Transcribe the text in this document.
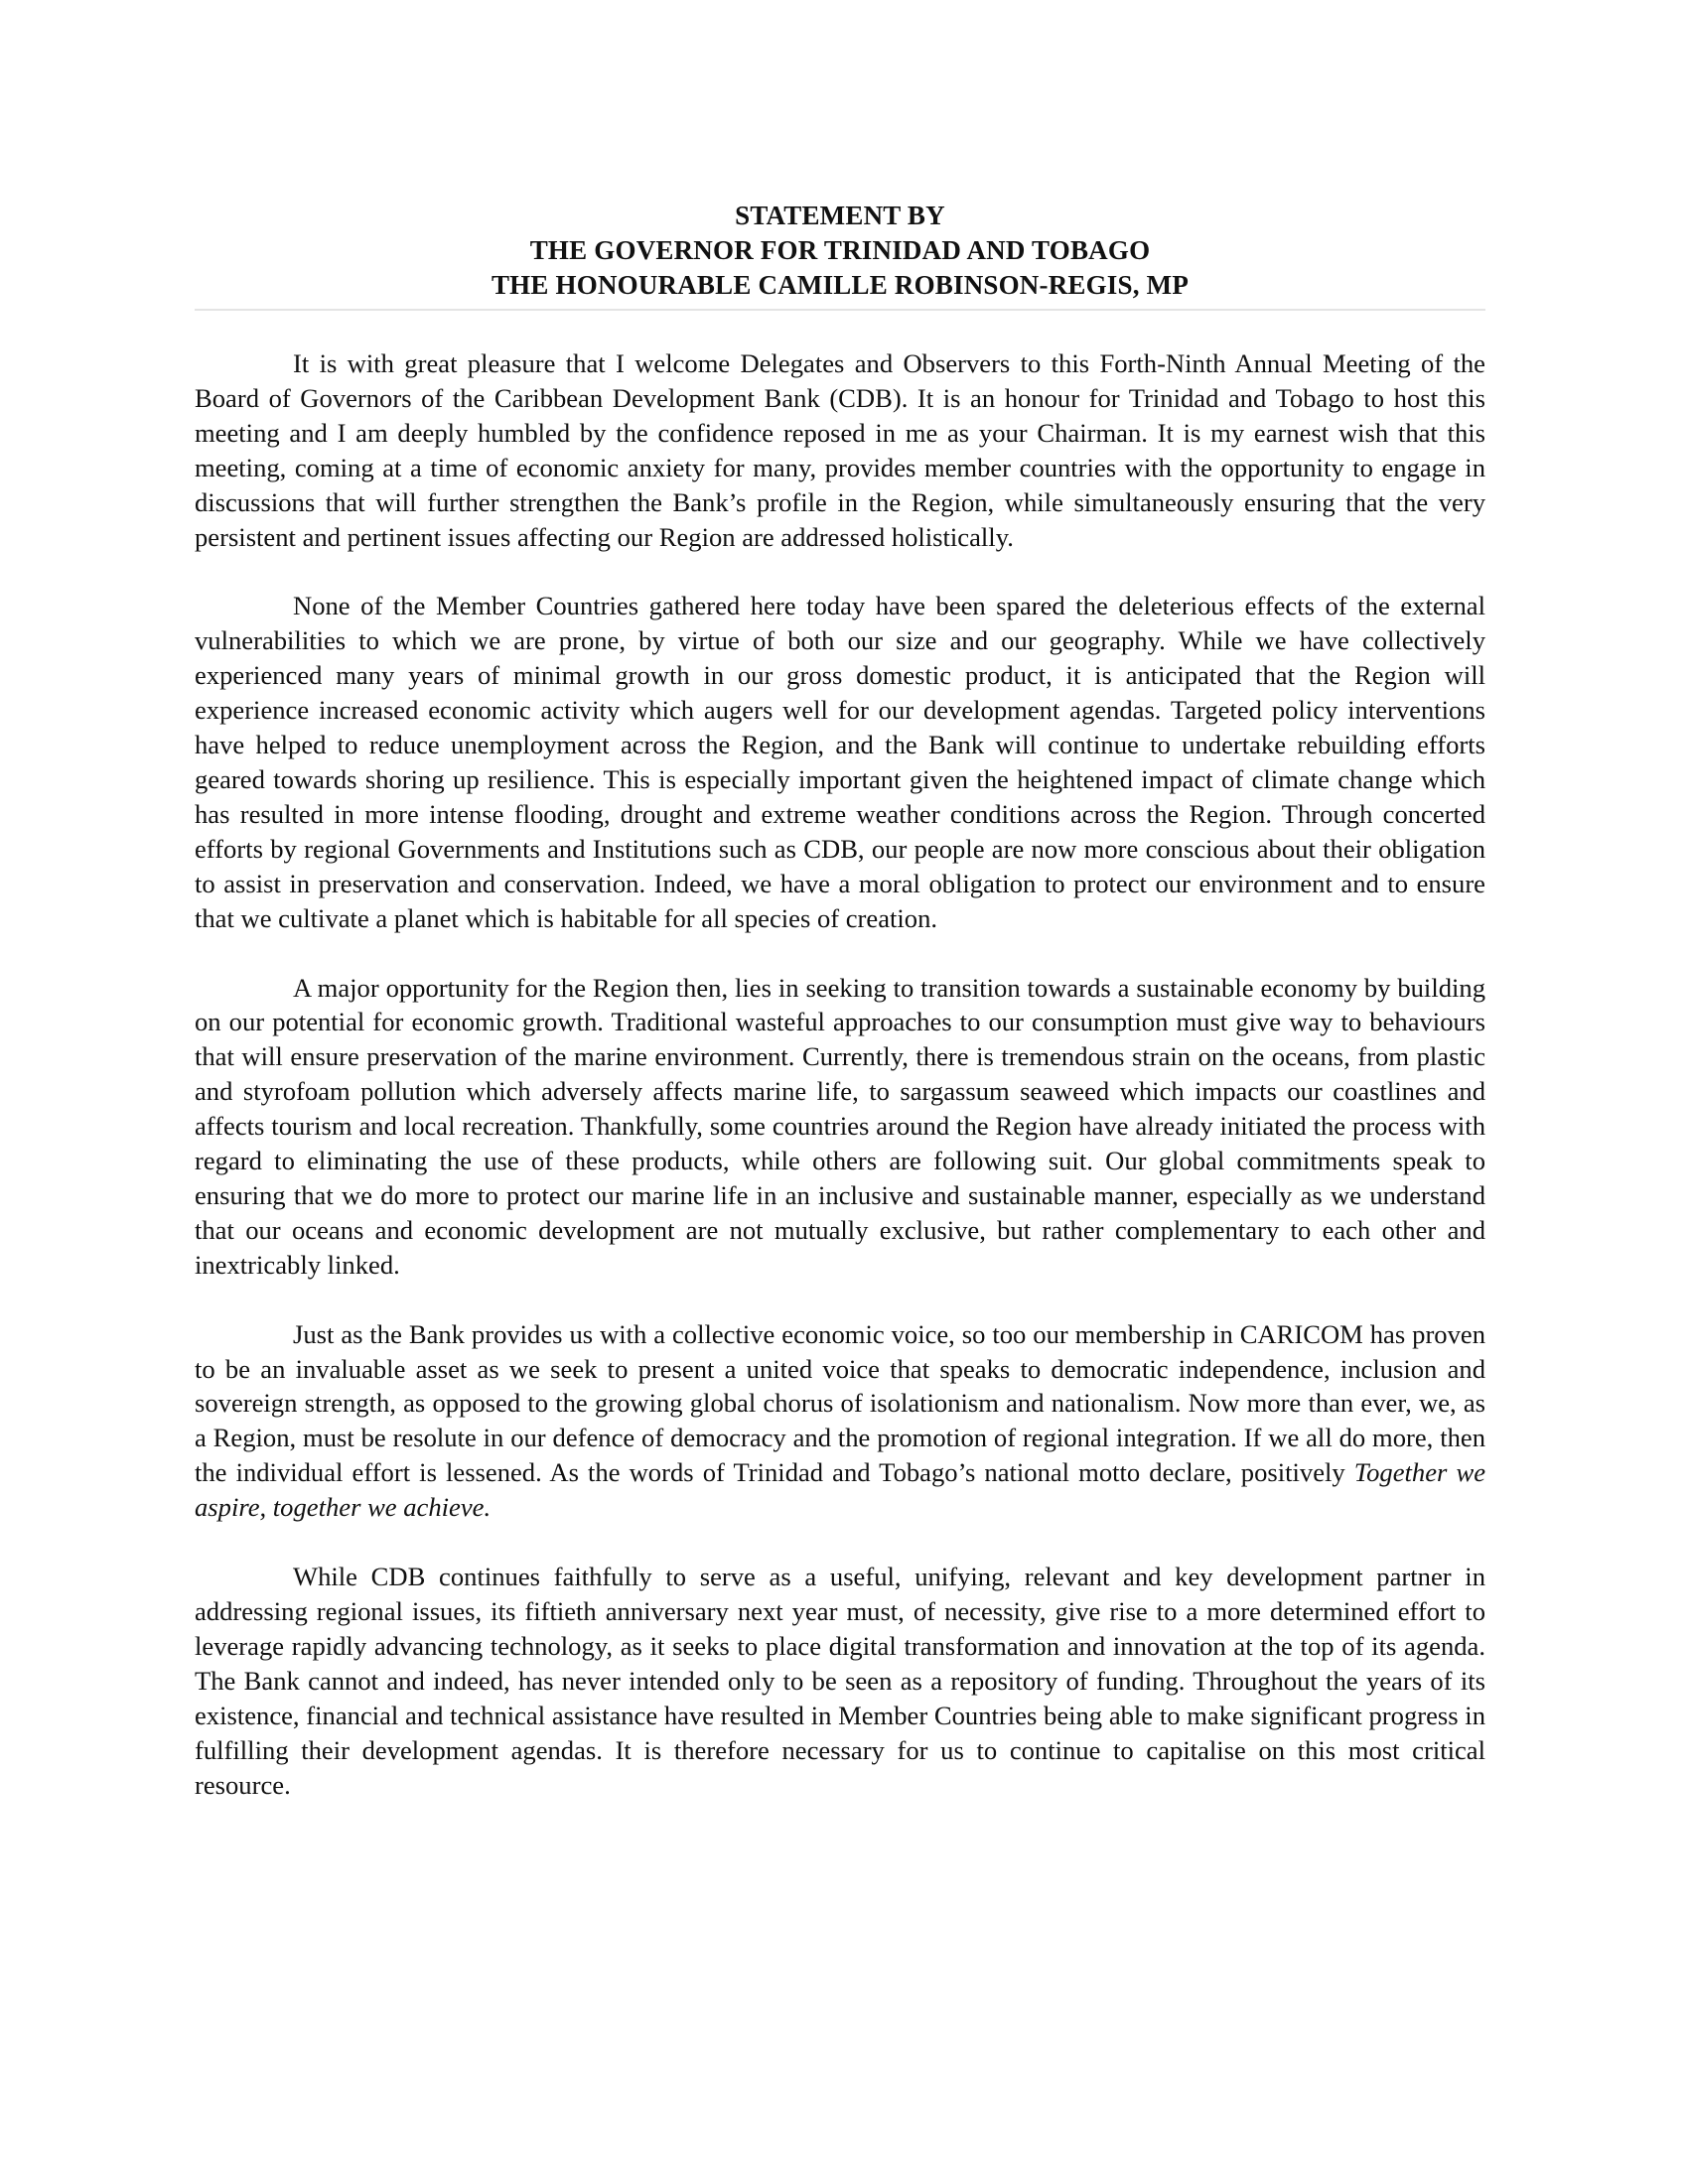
STATEMENT BY
THE GOVERNOR FOR TRINIDAD AND TOBAGO
THE HONOURABLE CAMILLE ROBINSON-REGIS, MP

It is with great pleasure that I welcome Delegates and Observers to this Forth-Ninth Annual Meeting of the Board of Governors of the Caribbean Development Bank (CDB). It is an honour for Trinidad and Tobago to host this meeting and I am deeply humbled by the confidence reposed in me as your Chairman. It is my earnest wish that this meeting, coming at a time of economic anxiety for many, provides member countries with the opportunity to engage in discussions that will further strengthen the Bank’s profile in the Region, while simultaneously ensuring that the very persistent and pertinent issues affecting our Region are addressed holistically.

None of the Member Countries gathered here today have been spared the deleterious effects of the external vulnerabilities to which we are prone, by virtue of both our size and our geography. While we have collectively experienced many years of minimal growth in our gross domestic product, it is anticipated that the Region will experience increased economic activity which augers well for our development agendas. Targeted policy interventions have helped to reduce unemployment across the Region, and the Bank will continue to undertake rebuilding efforts geared towards shoring up resilience. This is especially important given the heightened impact of climate change which has resulted in more intense flooding, drought and extreme weather conditions across the Region. Through concerted efforts by regional Governments and Institutions such as CDB, our people are now more conscious about their obligation to assist in preservation and conservation. Indeed, we have a moral obligation to protect our environment and to ensure that we cultivate a planet which is habitable for all species of creation.

A major opportunity for the Region then, lies in seeking to transition towards a sustainable economy by building on our potential for economic growth. Traditional wasteful approaches to our consumption must give way to behaviours that will ensure preservation of the marine environment. Currently, there is tremendous strain on the oceans, from plastic and styrofoam pollution which adversely affects marine life, to sargassum seaweed which impacts our coastlines and affects tourism and local recreation. Thankfully, some countries around the Region have already initiated the process with regard to eliminating the use of these products, while others are following suit. Our global commitments speak to ensuring that we do more to protect our marine life in an inclusive and sustainable manner, especially as we understand that our oceans and economic development are not mutually exclusive, but rather complementary to each other and inextricably linked.

Just as the Bank provides us with a collective economic voice, so too our membership in CARICOM has proven to be an invaluable asset as we seek to present a united voice that speaks to democratic independence, inclusion and sovereign strength, as opposed to the growing global chorus of isolationism and nationalism. Now more than ever, we, as a Region, must be resolute in our defence of democracy and the promotion of regional integration. If we all do more, then the individual effort is lessened. As the words of Trinidad and Tobago’s national motto declare, positively Together we aspire, together we achieve.

While CDB continues faithfully to serve as a useful, unifying, relevant and key development partner in addressing regional issues, its fiftieth anniversary next year must, of necessity, give rise to a more determined effort to leverage rapidly advancing technology, as it seeks to place digital transformation and innovation at the top of its agenda. The Bank cannot and indeed, has never intended only to be seen as a repository of funding. Throughout the years of its existence, financial and technical assistance have resulted in Member Countries being able to make significant progress in fulfilling their development agendas. It is therefore necessary for us to continue to capitalise on this most critical resource.
